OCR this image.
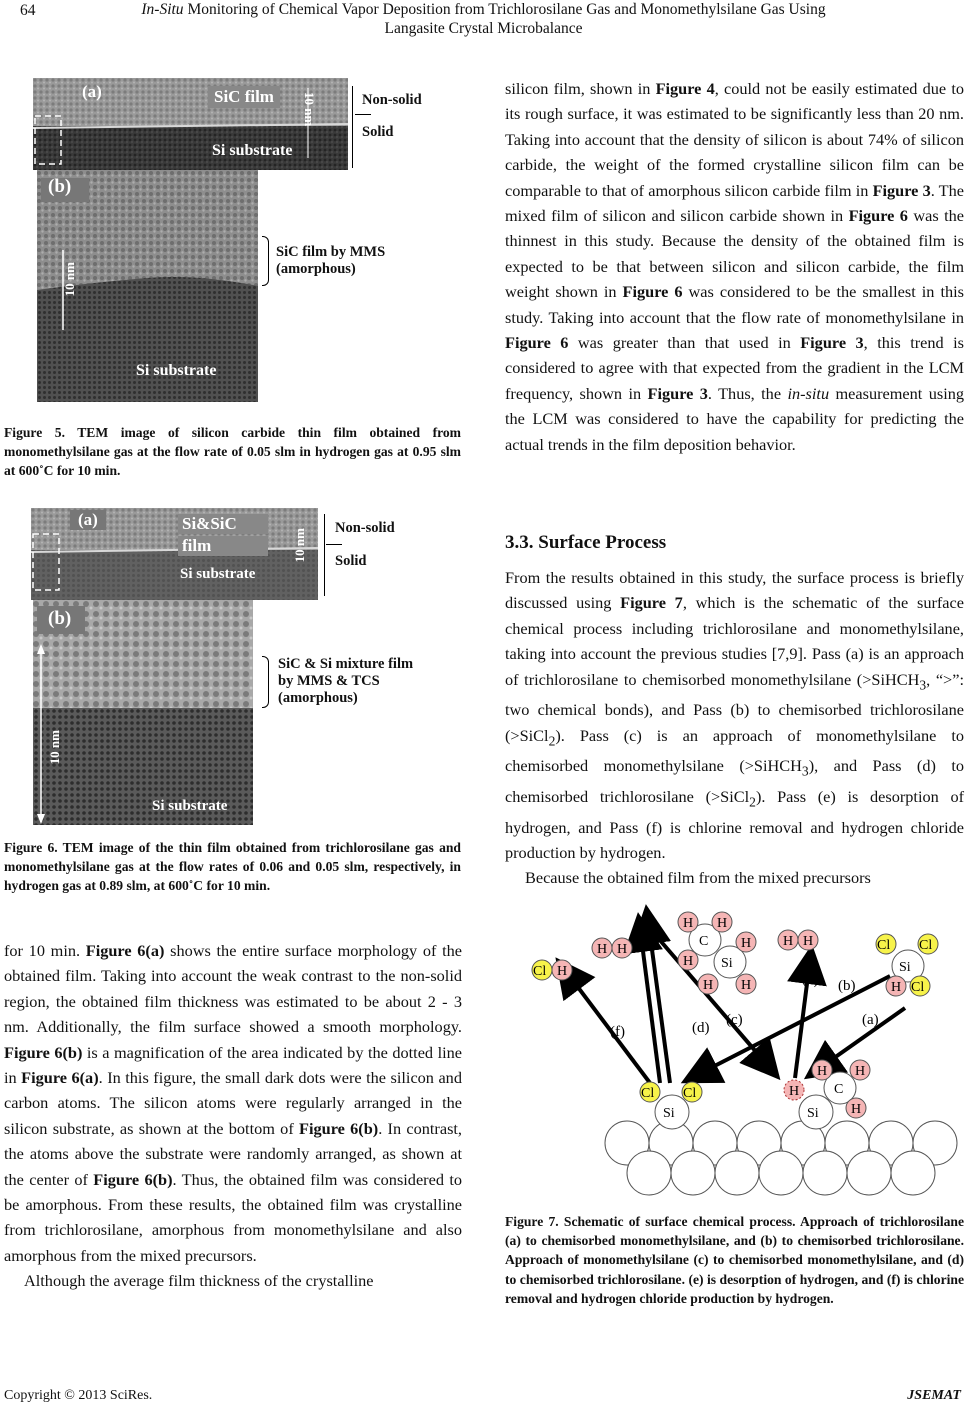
64	In-Situ Monitoring of Chemical Vapor Deposition from Trichlorosilane Gas and Monomethylsilane Gas Using
Langasite Crystal Microbalance
(a)	SiC film
Si substrate
10 nm	Non-solid
Solid
(b)
10 nm
Si substrate
SiC film by MMS
(amorphous)
Figure 5. TEM image of silicon carbide thin film obtained from monomethylsilane gas at the flow rate of 0.05 slm in hydrogen gas at 0.95 slm at 600˚C for 10 min.
(a)	Si&SiC
film
Si substrate
10 nm Non-solid
Solid
(b)
10 nm
Si substrate
SiC & Si mixture film
by MMS & TCS
(amorphous)
Figure 6. TEM image of the thin film obtained from trichlorosilane gas and monomethylsilane gas at the flow rates of 0.06 and 0.05 slm, respectively, in hydrogen gas at 0.89 slm, at 600˚C for 10 min.

for 10 min. Figure 6(a) shows the entire surface morphology of the obtained film. Taking into account the weak contrast to the non-solid region, the obtained film thickness was estimated to be about 2 - 3 nm. Additionally, the film surface showed a smooth morphology. Figure 6(b) is a magnification of the area indicated by the dotted line in Figure 6(a). In this figure, the small dark dots were the silicon and carbon atoms. The silicon atoms were regularly arranged in the silicon substrate, as shown at the bottom of Figure 6(b). In contrast, the atoms above the substrate were randomly arranged, as shown at the center of Figure 6(b). Thus, the obtained film was considered to be amorphous. From these results, the obtained film was crystalline from trichlorosilane, amorphous from monomethylsilane and also amorphous from the mixed precursors.

Although the average film thickness of the crystalline

silicon film, shown in Figure 4, could not be easily estimated due to its rough surface, it was estimated to be significantly less than 20 nm. Taking into account that the density of silicon is about 74% of silicon carbide, the weight of the formed crystalline silicon film can be comparable to that of amorphous silicon carbide film in Figure 3. The mixed film of silicon and silicon carbide shown in Figure 6 was the thinnest in this study. Because the density of the obtained film is expected to be that between silicon and silicon carbide, the film weight shown in Figure 6 was considered to be the smallest in this study. Taking into account that the flow rate of monomethylsilane in Figure 6 was greater than that used in Figure 3, this trend is considered to agree with that expected from the gradient in the LCM frequency, shown in Figure 3. Thus, the in-situ measurement using the LCM was considered to have the capability for predicting the actual trends in the film deposition behavior.

3.3. Surface Process

From the results obtained in this study, the surface process is briefly discussed using Figure 7, which is the schematic of the surface chemical process including trichlorosilane and monomethylsilane, taking into account the previous studies [7,9]. Pass (a) is an approach of trichlorosilane to chemisorbed monomethylsilane (>SiHCH$_3$, “>”: two chemical bonds), and Pass (b) to chemisorbed trichlorosilane (>SiCl$_2$). Pass (c) is an approach of monomethylsilane to chemisorbed monomethylsilane (>SiHCH$_3$), and Pass (d) to chemisorbed trichlorosilane (>SiCl$_2$). Pass (e) is desorption of hydrogen, and Pass (f) is chlorine removal and hydrogen chloride production by hydrogen.

Because the obtained film from the mixed precursors

(f)	(d) (c)
(e) (b)
(a)
Cl H
H H
C
Si
H H
H
H
H H
H H
Si
Cl Cl
H Cl
Si
Cl Cl
Si
C
H
H H
H
Figure 7. Schematic of surface chemical process. Approach of trichlorosilane (a) to chemisorbed monomethylsilane, and (b) to chemisorbed trichlorosilane. Approach of monomethylsilane (c) to chemisorbed monomethylsilane, and (d) to chemisorbed trichlorosilane. (e) is desorption of hydrogen, and (f) is chlorine removal and hydrogen chloride production by hydrogen.
Copyright © 2013 SciRes.	JSEMAT
